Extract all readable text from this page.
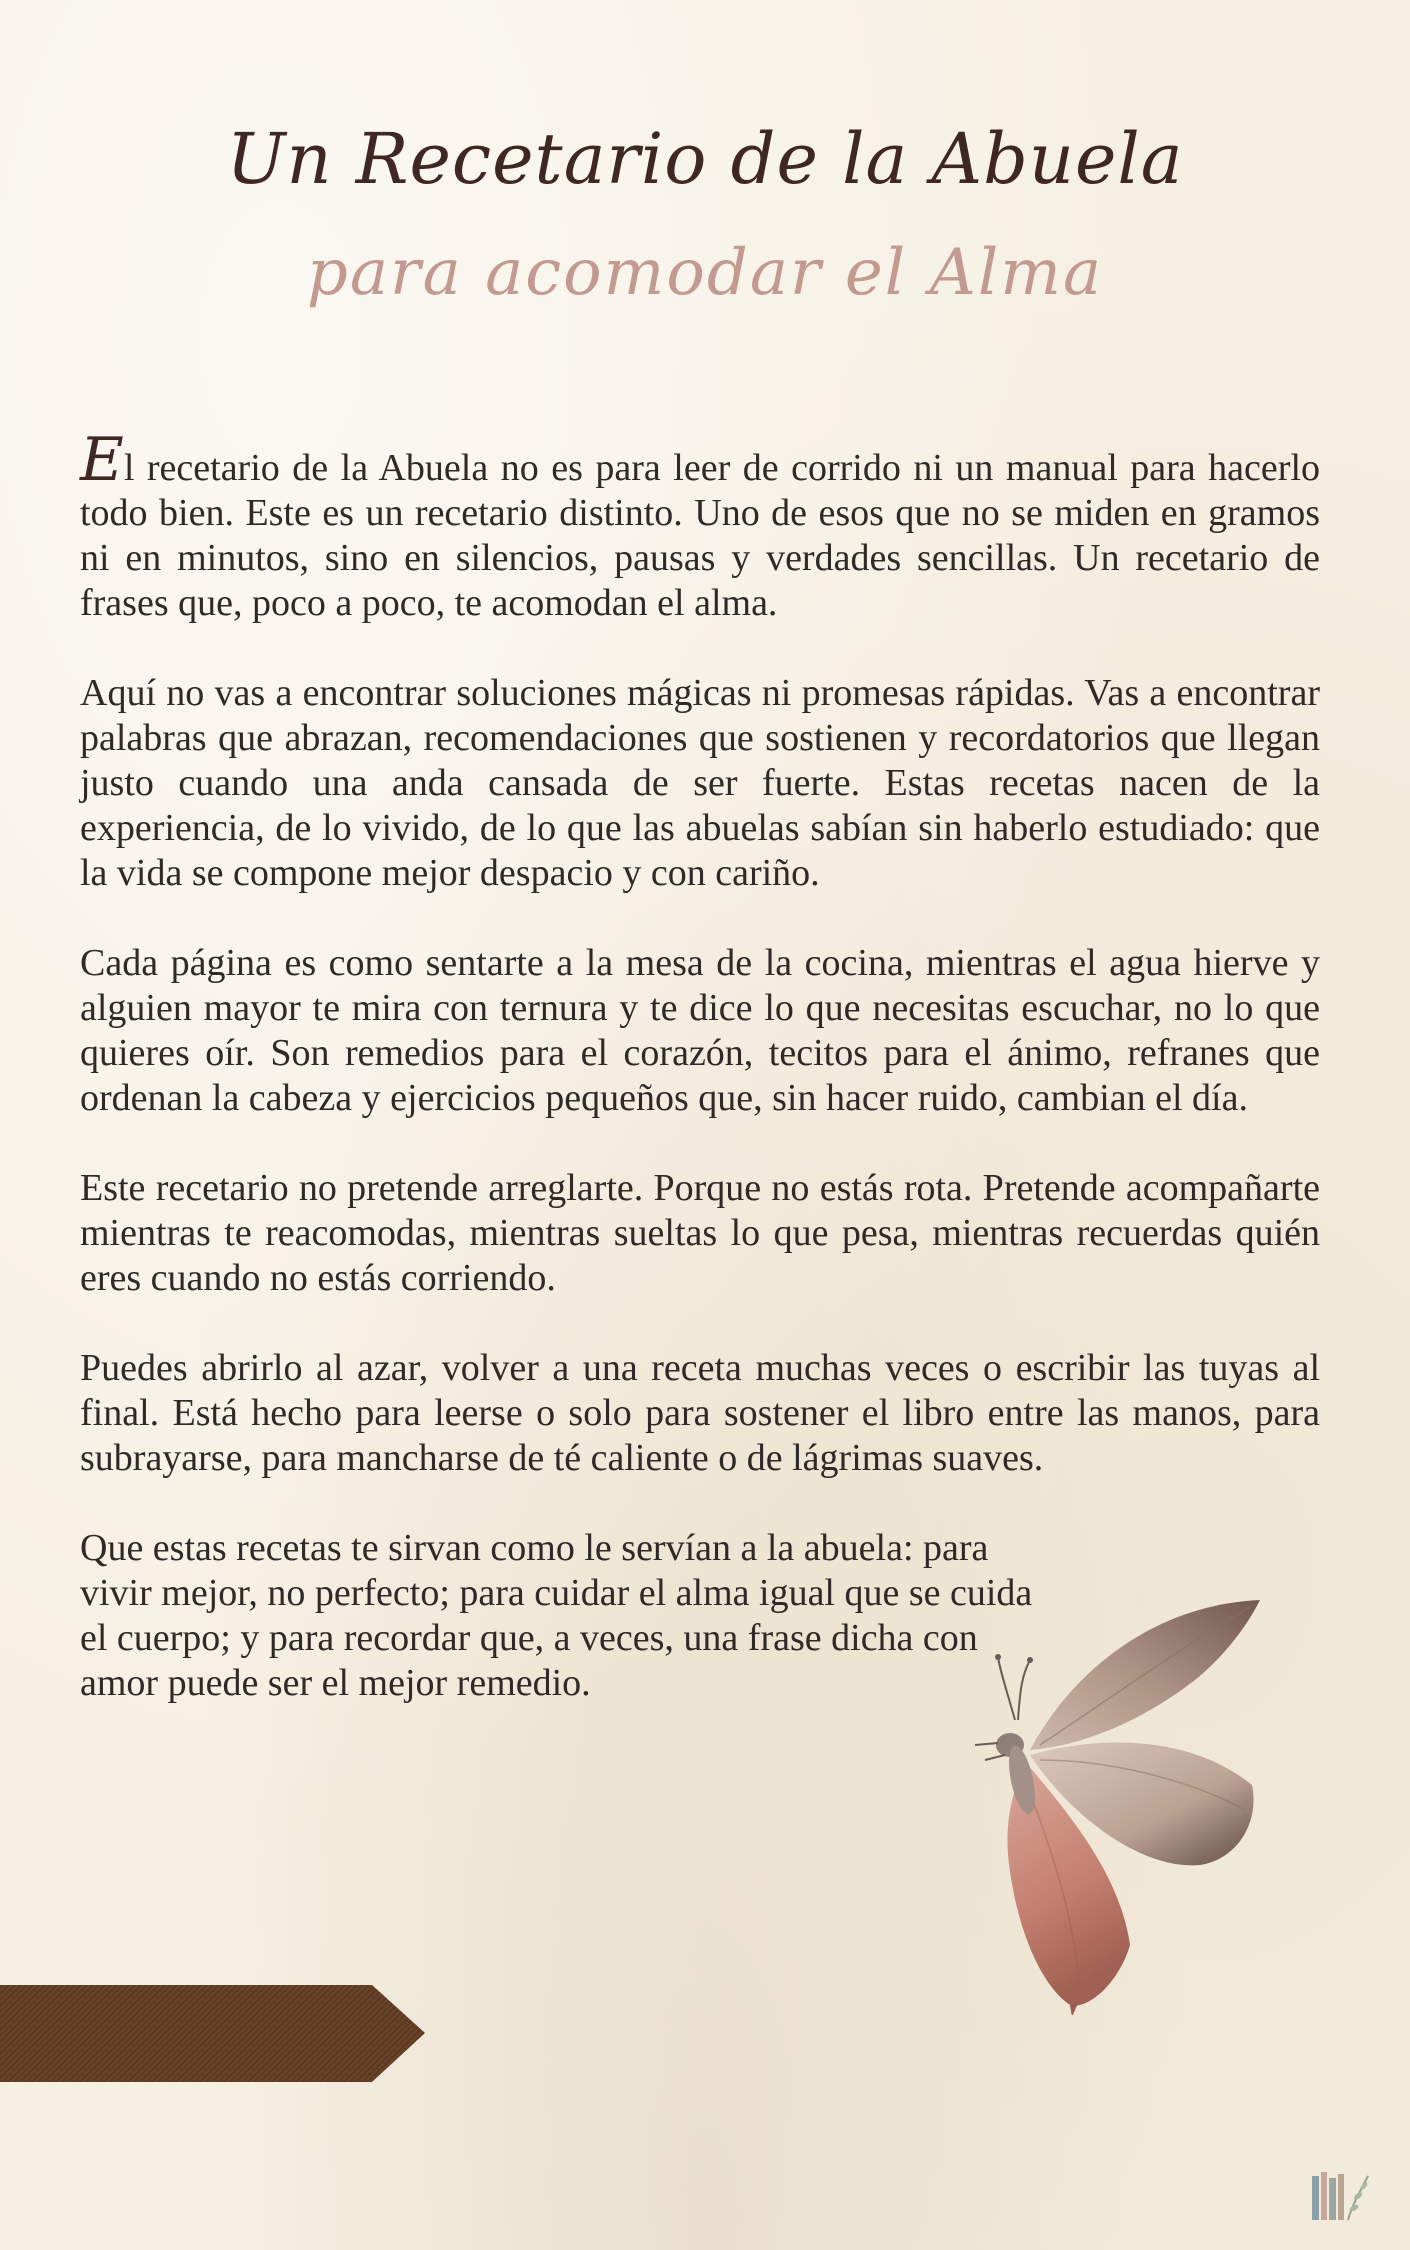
Un Recetario de la Abuela
para acomodar el Alma

El recetario de la Abuela no es para leer de corrido ni un manual para hacerlo todo bien. Este es un recetario distinto. Uno de esos que no se miden en gramos ni en minutos, sino en silencios, pausas y verdades sencillas. Un recetario de frases que, poco a poco, te acomodan el alma.

Aquí no vas a encontrar soluciones mágicas ni promesas rápidas. Vas a encontrar palabras que abrazan, recomendaciones que sostienen y recordatorios que llegan justo cuando una anda cansada de ser fuerte. Estas recetas nacen de la experiencia, de lo vivido, de lo que las abuelas sabían sin haberlo estudiado: que la vida se compone mejor despacio y con cariño.

Cada página es como sentarte a la mesa de la cocina, mientras el agua hierve y alguien mayor te mira con ternura y te dice lo que necesitas escuchar, no lo que quieres oír. Son remedios para el corazón, tecitos para el ánimo, refranes que ordenan la cabeza y ejercicios pequeños que, sin hacer ruido, cambian el día.

Este recetario no pretende arreglarte. Porque no estás rota. Pretende acompañarte mientras te reacomodas, mientras sueltas lo que pesa, mientras recuerdas quién eres cuando no estás corriendo.

Puedes abrirlo al azar, volver a una receta muchas veces o escribir las tuyas al final. Está hecho para leerse o solo para sostener el libro entre las manos, para subrayarse, para mancharse de té caliente o de lágrimas suaves.

Que estas recetas te sirvan como le servían a la abuela: para vivir mejor, no perfecto; para cuidar el alma igual que se cuida el cuerpo; y para recordar que, a veces, una frase dicha con amor puede ser el mejor remedio.
